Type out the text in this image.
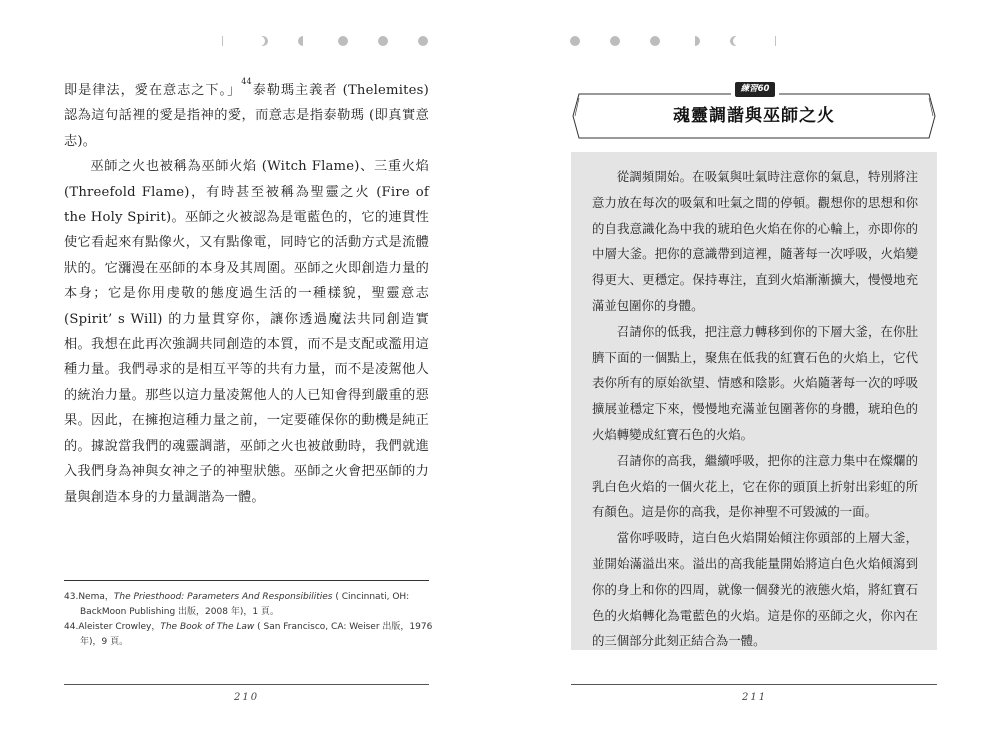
即是律法，愛在意志之下。」$^{44}$泰勒瑪主義者 (Thelemites) 認為這句話裡的愛是指神的愛，而意志是指泰勒瑪 (即真實意志)。

巫師之火也被稱為巫師火焰 (Witch Flame)、三重火焰 (Threefold Flame)，有時甚至被稱為聖靈之火 (Fire of the Holy Spirit)。巫師之火被認為是電藍色的，它的連貫性使它看起來有點像火，又有點像電，同時它的活動方式是流體狀的。它瀰漫在巫師的本身及其周圍。巫師之火即創造力量的本身；它是你用虔敬的態度過生活的一種樣貌，聖靈意志 (Spirit’ s Will) 的力量貫穿你，讓你透過魔法共同創造實相。我想在此再次強調共同創造的本質，而不是支配或濫用這種力量。我們尋求的是相互平等的共有力量，而不是凌駕他人的統治力量。那些以這力量凌駕他人的人已知會得到嚴重的惡果。因此，在擁抱這種力量之前，一定要確保你的動機是純正的。據說當我們的魂靈調諧，巫師之火也被啟動時，我們就進入我們身為神與女神之子的神聖狀態。巫師之火會把巫師的力量與創造本身的力量調諧為一體。

43.Nema，The Priesthood: Parameters And Responsibilities ( Cincinnati, OH: BackMoon Publishing 出版，2008 年)，1 頁。

44.Aleister Crowley，The Book of The Law ( San Francisco, CA: Weiser 出版，1976 年)，9 頁。

210
練習60
魂靈調諧與巫師之火

從調頻開始。在吸氣與吐氣時注意你的氣息，特別將注意力放在每次的吸氣和吐氣之間的停頓。觀想你的思想和你的自我意識化為中我的琥珀色火焰在你的心輪上，亦即你的中層大釜。把你的意識帶到這裡，隨著每一次呼吸，火焰變得更大、更穩定。保持專注，直到火焰漸漸擴大，慢慢地充滿並包圍你的身體。

召請你的低我，把注意力轉移到你的下層大釜，在你肚臍下面的一個點上，聚焦在低我的紅寶石色的火焰上，它代表你所有的原始欲望、情感和陰影。火焰隨著每一次的呼吸擴展並穩定下來，慢慢地充滿並包圍著你的身體，琥珀色的火焰轉變成紅寶石色的火焰。

召請你的高我，繼續呼吸，把你的注意力集中在燦爛的乳白色火焰的一個火花上，它在你的頭頂上折射出彩虹的所有顏色。這是你的高我，是你神聖不可毀滅的一面。

當你呼吸時，這白色火焰開始傾注你頭部的上層大釜，並開始滿溢出來。溢出的高我能量開始將這白色火焰傾瀉到你的身上和你的四周，就像一個發光的液態火焰，將紅寶石色的火焰轉化為電藍色的火焰。這是你的巫師之火，你內在的三個部分此刻正結合為一體。

211
